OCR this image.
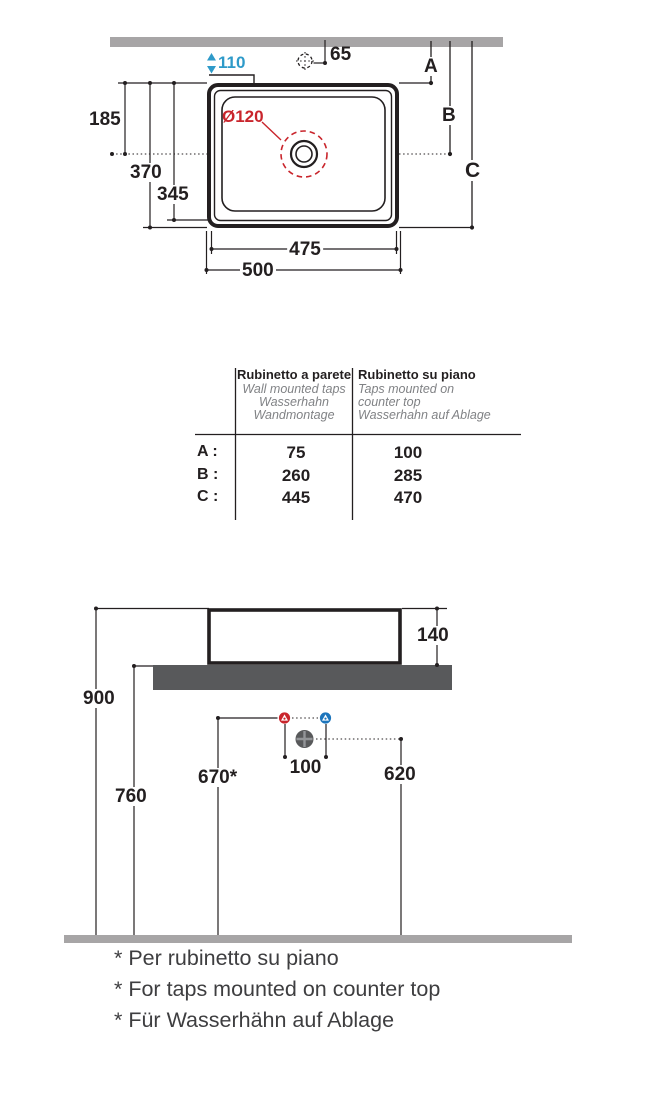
110	65
A
B
C
185
370
345
Ø120
475
500
Rubinetto a parete
Wall mounted taps
Wasserhahn
Wandmontage
Rubinetto su piano
Taps mounted on
counter top
Wasserhahn auf Ablage
A :	75	100
B :	260	285
C :	445	470
140
900
760
670*	100	620
* Per rubinetto su piano
* For taps mounted on counter top
* Für Wasserhähn auf Ablage
